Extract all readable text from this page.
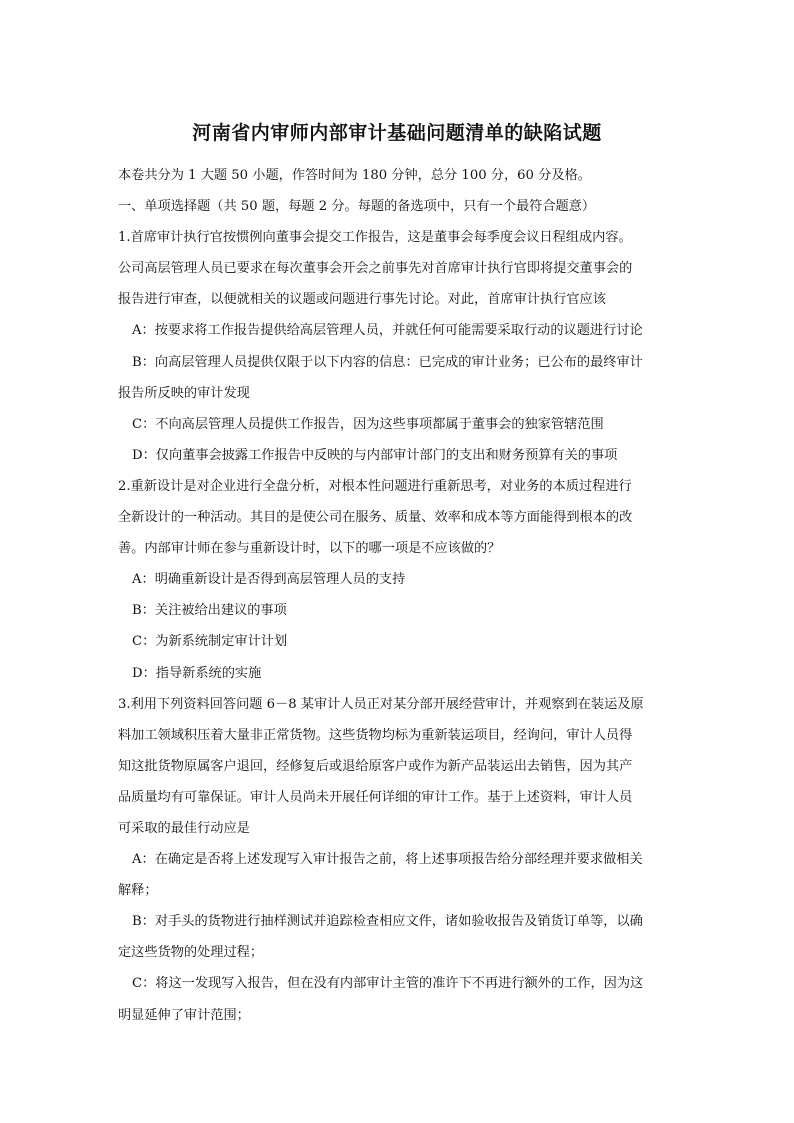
河南省内审师内部审计基础问题清单的缺陷试题

本卷共分为 1 大题 50 小题，作答时间为 180 分钟，总分 100 分，60 分及格。

一、单项选择题（共 50 题，每题 2 分。每题的备选项中，只有一个最符合题意）

1.首席审计执行官按惯例向董事会提交工作报告，这是董事会每季度会议日程组成内容。

公司高层管理人员已要求在每次董事会开会之前事先对首席审计执行官即将提交董事会的

报告进行审查，以便就相关的议题或问题进行事先讨论。对此，首席审计执行官应该

A：按要求将工作报告提供给高层管理人员，并就任何可能需要采取行动的议题进行讨论

B：向高层管理人员提供仅限于以下内容的信息：已完成的审计业务；已公布的最终审计

报告所反映的审计发现

C：不向高层管理人员提供工作报告，因为这些事项都属于董事会的独家管辖范围

D：仅向董事会披露工作报告中反映的与内部审计部门的支出和财务预算有关的事项

2.重新设计是对企业进行全盘分析，对根本性问题进行重新思考，对业务的本质过程进行

全新设计的一种活动。其目的是使公司在服务、质量、效率和成本等方面能得到根本的改

善。内部审计师在参与重新设计时，以下的哪一项是不应该做的？

A：明确重新设计是否得到高层管理人员的支持

B：关注被给出建议的事项

C：为新系统制定审计计划

D：指导新系统的实施

3.利用下列资料回答问题 6－8 某审计人员正对某分部开展经营审计，并观察到在装运及原

料加工领域积压着大量非正常货物。这些货物均标为重新装运项目，经询问，审计人员得

知这批货物原属客户退回，经修复后或退给原客户或作为新产品装运出去销售，因为其产

品质量均有可靠保证。审计人员尚未开展任何详细的审计工作。基于上述资料，审计人员

可采取的最佳行动应是

A：在确定是否将上述发现写入审计报告之前，将上述事项报告给分部经理并要求做相关

解释；

B：对手头的货物进行抽样测试并追踪检查相应文件，诸如验收报告及销货订单等，以确

定这些货物的处理过程；

C：将这一发现写入报告，但在没有内部审计主管的准许下不再进行额外的工作，因为这

明显延伸了审计范围；
